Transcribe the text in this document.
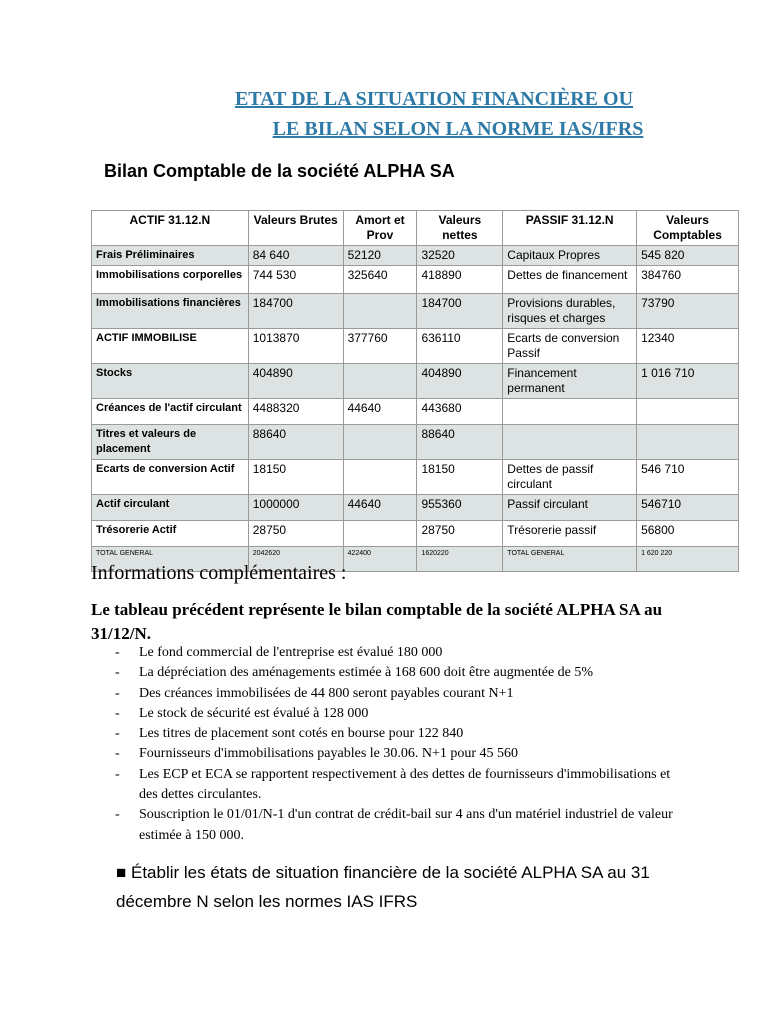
ETAT DE LA SITUATION FINANCIÈRE OU
LE BILAN SELON LA NORME IAS/IFRS
Bilan Comptable de la société ALPHA SA
ACTIF 31.12.N	Valeurs Brutes	Amort et Prov	Valeurs nettes	PASSIF 31.12.N	Valeurs Comptables
Frais Préliminaires	84 640	52120	32520	Capitaux Propres	545 820
Immobilisations corporelles	744 530	325640	418890	Dettes de financement	384760
Immobilisations financières	184700		184700	Provisions durables, risques et charges	73790
ACTIF IMMOBILISE	1013870	377760	636110	Ecarts de conversion Passif	12340
Stocks	404890		404890	Financement permanent	1 016 710
Créances de l'actif circulant	4488320	44640	443680		
Titres et valeurs de placement	88640		88640		
Ecarts de conversion Actif	18150		18150	Dettes de passif circulant	546 710
Actif circulant	1000000	44640	955360	Passif circulant	546710
Trésorerie Actif	28750		28750	Trésorerie passif	56800
TOTAL GENERAL	2042620	422400	1620220	TOTAL GENERAL	1 620 220
Informations complémentaires :
Le tableau précédent représente le bilan comptable de la société ALPHA SA au 31/12/N.
- Le fond commercial de l'entreprise est évalué 180 000
- La dépréciation des aménagements estimée à 168 600 doit être augmentée de 5%
- Des créances immobilisées de 44 800 seront payables courant N+1
- Le stock de sécurité est évalué à 128 000
- Les titres de placement sont cotés en bourse pour 122 840
- Fournisseurs d'immobilisations payables le 30.06. N+1 pour 45 560
- Les ECP et ECA se rapportent respectivement à des dettes de fournisseurs d'immobilisations et des dettes circulantes.
- Souscription le 01/01/N-1 d'un contrat de crédit-bail sur 4 ans d'un matériel industriel de valeur estimée à 150 000.
■ Établir les états de situation financière de la société ALPHA SA au 31 décembre N selon les normes IAS IFRS
